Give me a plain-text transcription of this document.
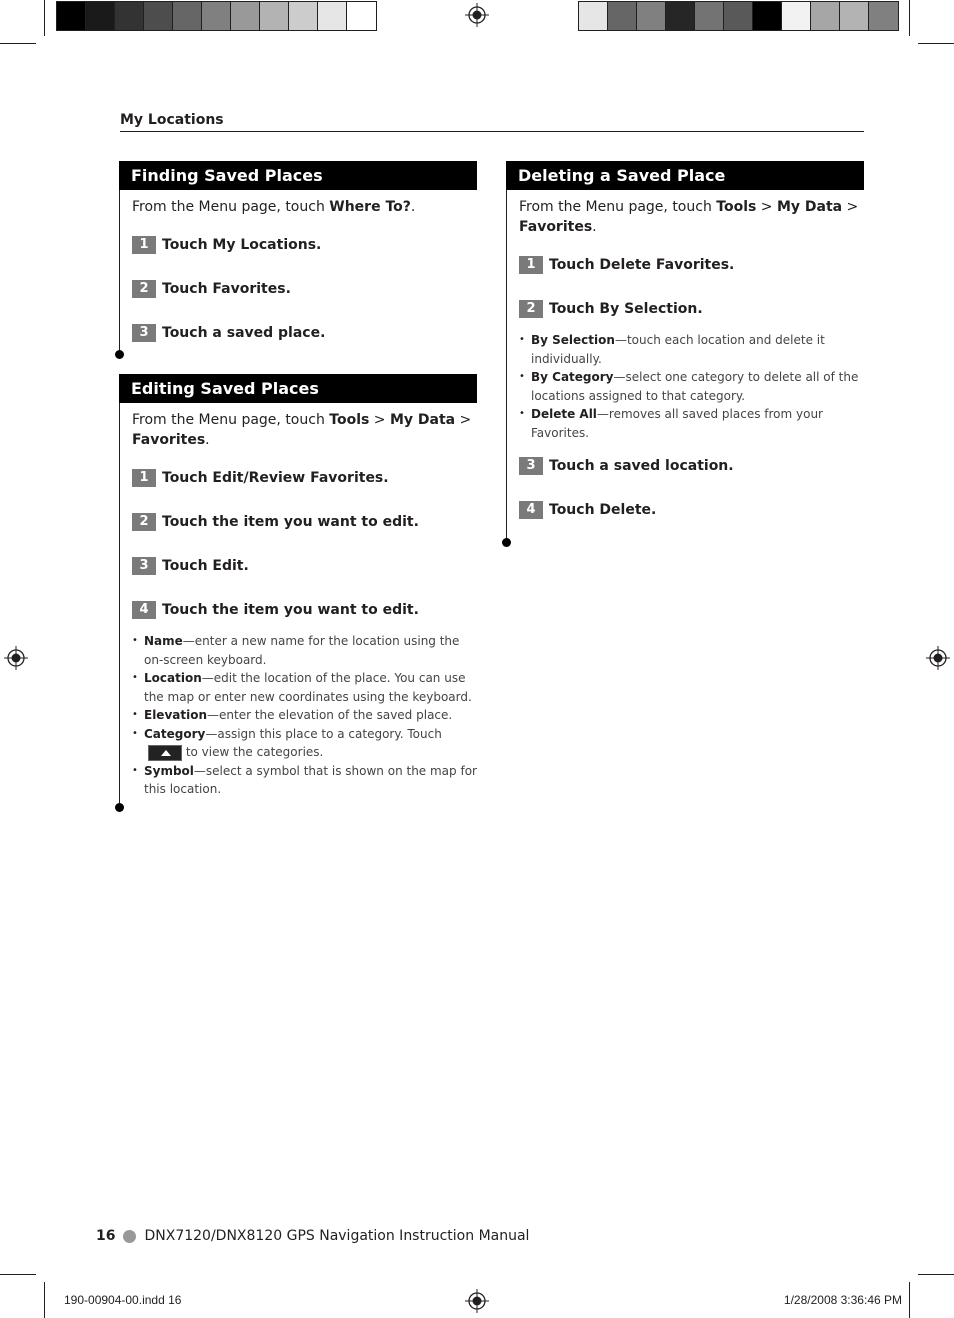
My Locations
Finding Saved Places

From the Menu page, touch Where To?.

1 Touch My Locations.
2 Touch Favorites.
3 Touch a saved place.
Editing Saved Places

From the Menu page, touch Tools > My Data > Favorites.

1 Touch Edit/Review Favorites.
2 Touch the item you want to edit.
3 Touch Edit.
4 Touch the item you want to edit.
• Name—enter a new name for the location using the on-screen keyboard.
• Location—edit the location of the place. You can use the map or enter new coordinates using the keyboard.
• Elevation—enter the elevation of the saved place.
• Category—assign this place to a category. Touch  to view the categories.
• Symbol—select a symbol that is shown on the map for this location.
Deleting a Saved Place

From the Menu page, touch Tools > My Data > Favorites.

1 Touch Delete Favorites.
2 Touch By Selection.
• By Selection—touch each location and delete it individually.
• By Category—select one category to delete all of the locations assigned to that category.
• Delete All—removes all saved places from your Favorites.
3 Touch a saved location.
4 Touch Delete.
16 DNX7120/DNX8120 GPS Navigation Instruction Manual
190-00904-00.indd 16	1/28/2008 3:36:46 PM
